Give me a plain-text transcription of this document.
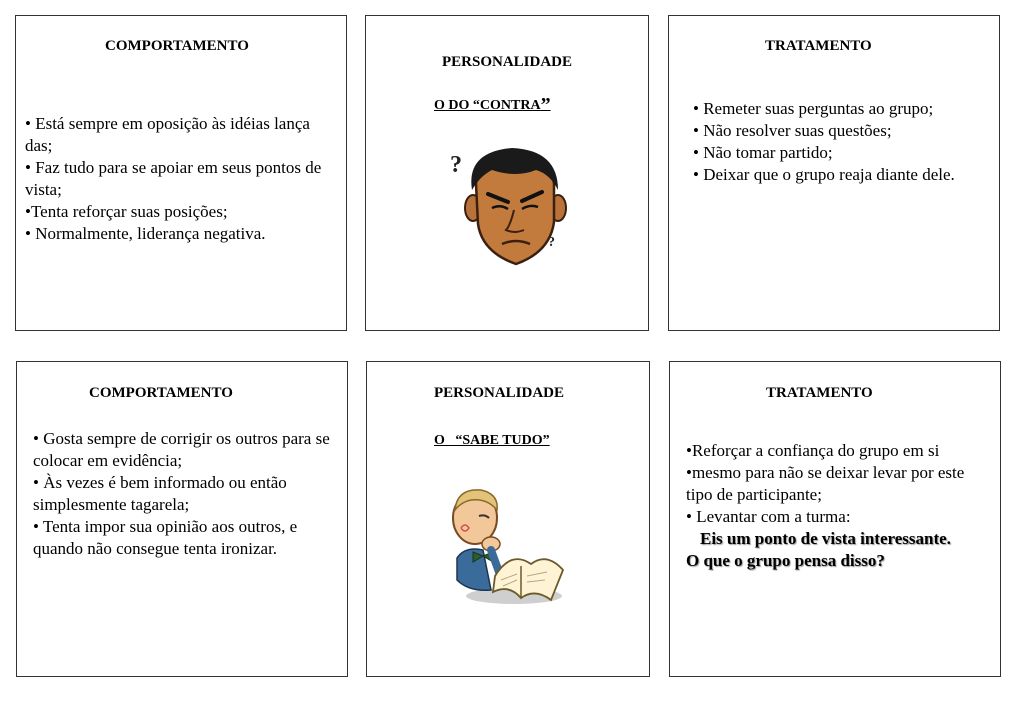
COMPORTAMENTO
• Está sempre em oposição às idéias lança das;
• Faz tudo para se apoiar em seus pontos de vista;
•Tenta reforçar suas posições;
• Normalmente, liderança negativa.
PERSONALIDADE
O DO “CONTRA”
?
?
TRATAMENTO
• Remeter suas perguntas ao grupo;
• Não resolver suas questões;
• Não tomar partido;
• Deixar que o grupo reaja diante dele.
COMPORTAMENTO
• Gosta sempre de corrigir os outros para se colocar em evidência;
• Às vezes é bem informado ou então simplesmente tagarela;
• Tenta impor sua opinião aos outros, e quando não consegue tenta ironizar.
PERSONALIDADE
O   “SABE TUDO”
TRATAMENTO
•Reforçar a confiança do grupo em si
•mesmo para não se deixar levar por este tipo de participante;
• Levantar com a turma:
Eis um ponto de vista interessante.
O que o grupo pensa disso?
